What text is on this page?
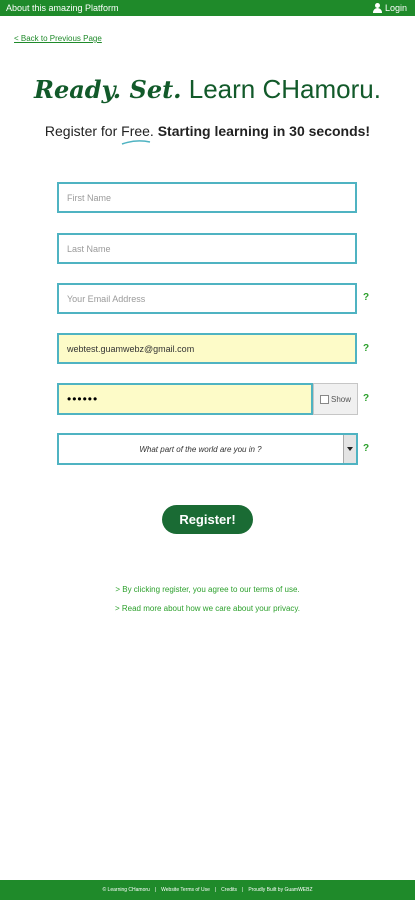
About this amazing Platform	Login
< Back to Previous Page
Ready. Set. Learn CHamoru.
Register for Free. Starting learning in 30 seconds!
First Name
Last Name
Your Email Address
?
webtest.guamwebz@gmail.com
?
••••••
Show ?
What part of the world are you in ?	?
Register!
> By clicking register, you agree to our terms of use.
> Read more about how we care about your privacy.
© Learning CHamoru | Website Terms of Use | Credits | Proudly Built by GuamWEBZ
